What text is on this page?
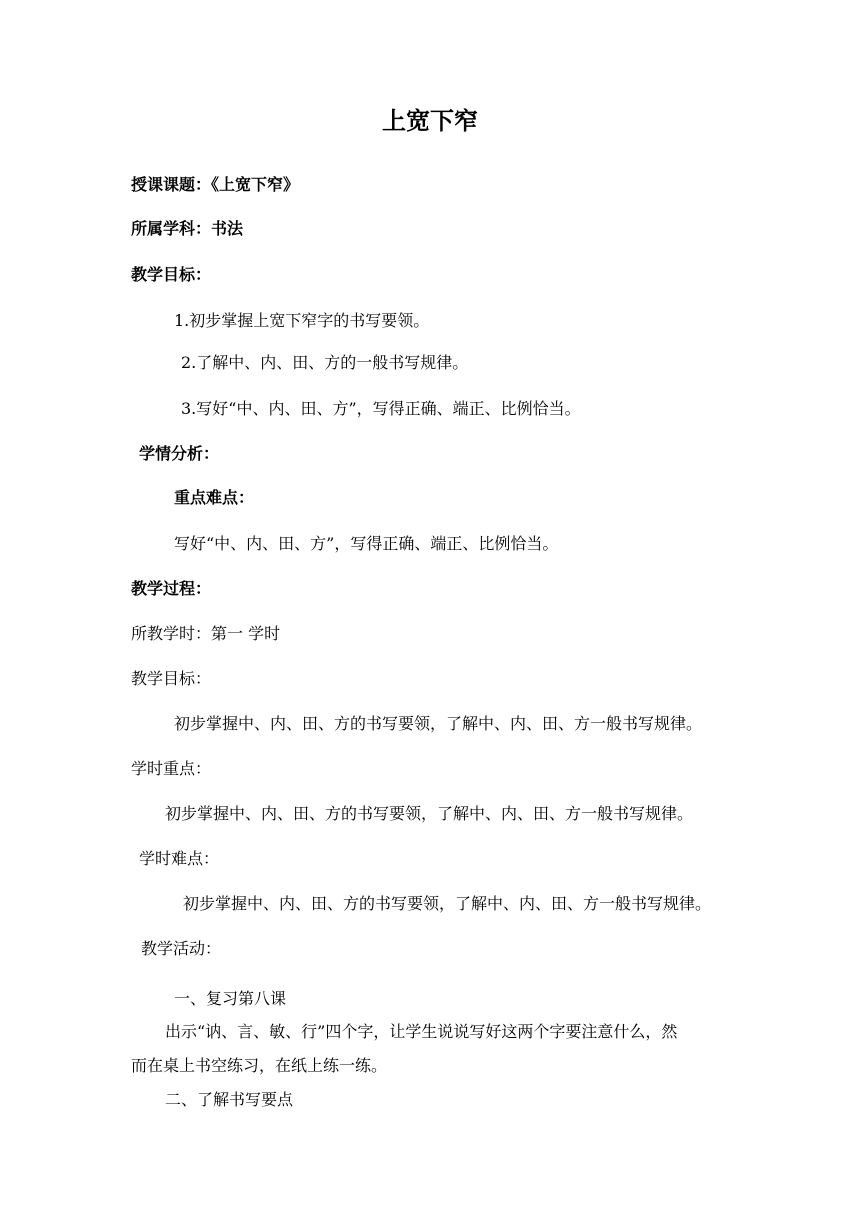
上宽下窄
授课课题：《上宽下窄》
所属学科：书法
教学目标：
1.初步掌握上宽下窄字的书写要领。
2.了解中、内、田、方的一般书写规律。
3.写好“中、内、田、方”，写得正确、端正、比例恰当。
学情分析：
重点难点：
写好“中、内、田、方”，写得正确、端正、比例恰当。
教学过程：
所教学时：第一 学时
教学目标：
初步掌握中、内、田、方的书写要领，了解中、内、田、方一般书写规律。
学时重点：
初步掌握中、内、田、方的书写要领，了解中、内、田、方一般书写规律。
学时难点：
初步掌握中、内、田、方的书写要领，了解中、内、田、方一般书写规律。
教学活动：
一、复习第八课
出示“讷、言、敏、行”四个字，让学生说说写好这两个字要注意什么，然
而在桌上书空练习，在纸上练一练。
二、了解书写要点
